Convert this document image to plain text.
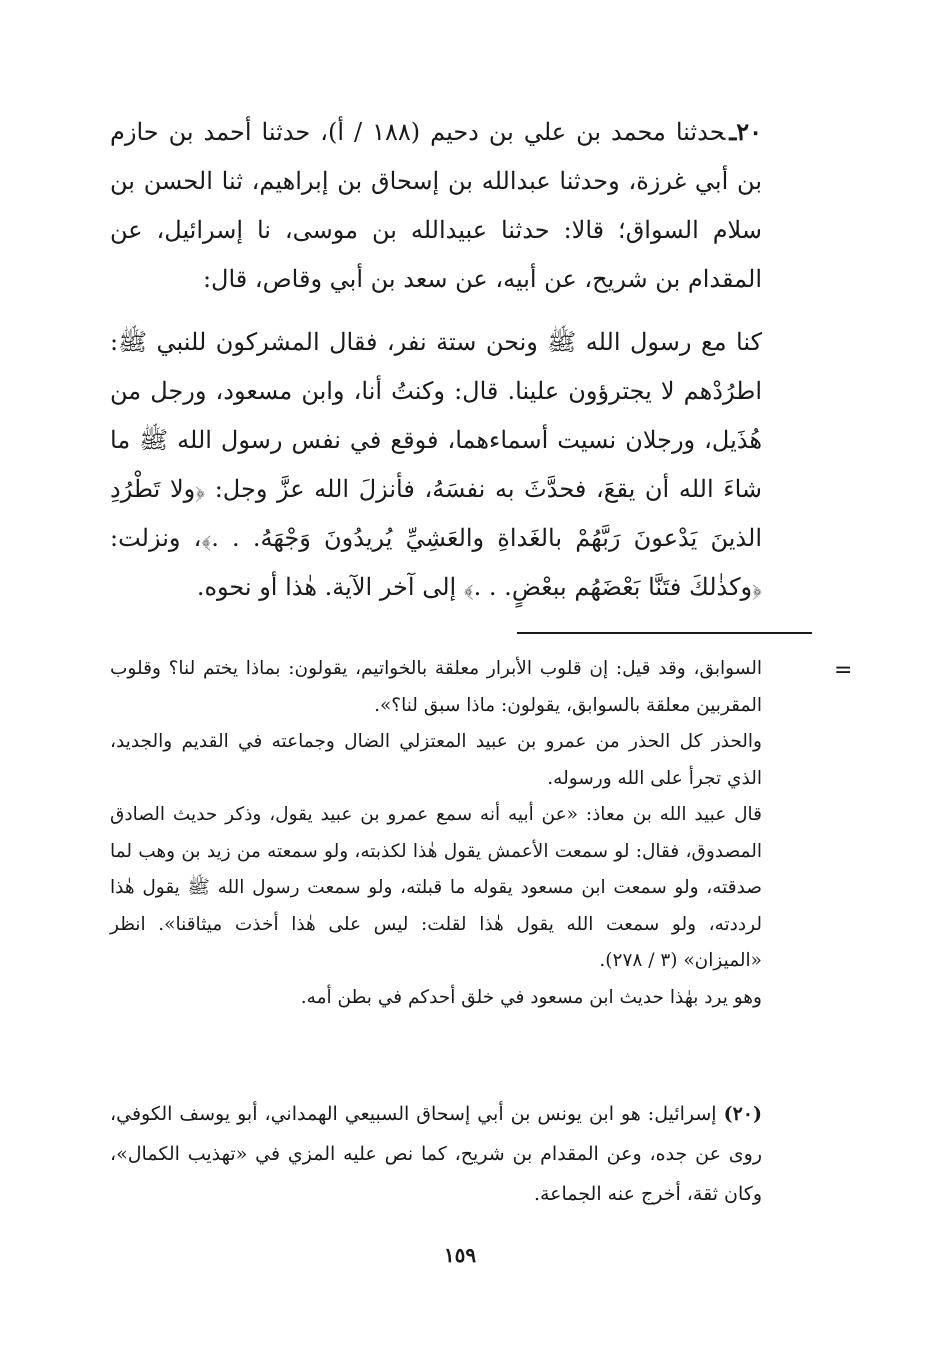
٢٠ـحدثنا محمد بن علي بن دحيم (١٨٨ / أ)، حدثنا أحمد بن حازم بن أبي غرزة، وحدثنا عبدالله بن إسحاق بن إبراهيم، ثنا الحسن بن سلام السواق؛ قالا: حدثنا عبيدالله بن موسى، نا إسرائيل، عن المقدام بن شريح، عن أبيه، عن سعد بن أبي وقاص، قال:
كنا مع رسول الله ﷺ ونحن ستة نفر، فقال المشركون للنبي ﷺ: اطرُدْهم لا يجترؤون علينا. قال: وكنتُ أنا، وابن مسعود، ورجل من هُذَيل، ورجلان نسيت أسماءهما، فوقع في نفس رسول الله ﷺ ما شاءَ الله أن يقعَ، فحدَّثَ به نفسَهُ، فأنزلَ الله عزَّ وجل: ﴿ولا تَطْرُدِ الذينَ يَدْعونَ رَبَّهُمْ بالغَداةِ والعَشِيِّ يُريدُونَ وَجْهَهُ. . .﴾، ونزلت: ﴿وكذٰلكَ فتَنَّا بَعْضَهُم ببعْضٍ. . .﴾ إلى آخر الآية. هٰذا أو نحوه.
=

السوابق، وقد قيل: إن قلوب الأبرار معلقة بالخواتيم، يقولون: بماذا يختم لنا؟ وقلوب المقربين معلقة بالسوابق، يقولون: ماذا سبق لنا؟».

والحذر كل الحذر من عمرو بن عبيد المعتزلي الضال وجماعته في القديم والجديد، الذي تجرأ على الله ورسوله.

قال عبيد الله بن معاذ: «عن أبيه أنه سمع عمرو بن عبيد يقول، وذكر حديث الصادق المصدوق، فقال: لو سمعت الأعمش يقول هٰذا لكذبته، ولو سمعته من زيد بن وهب لما صدقته، ولو سمعت ابن مسعود يقوله ما قبلته، ولو سمعت رسول الله ﷺ يقول هٰذا لرددته، ولو سمعت الله يقول هٰذا لقلت: ليس على هٰذا أخذت ميثاقنا». انظر «الميزان» (٣ / ٢٧٨).

وهو يرد بهٰذا حديث ابن مسعود في خلق أحدكم في بطن أمه.

(٢٠) إسرائيل: هو ابن يونس بن أبي إسحاق السبيعي الهمداني، أبو يوسف الكوفي، روى عن جده، وعن المقدام بن شريح، كما نص عليه المزي في «تهذيب الكمال»، وكان ثقة، أخرج عنه الجماعة.
١٥٩
